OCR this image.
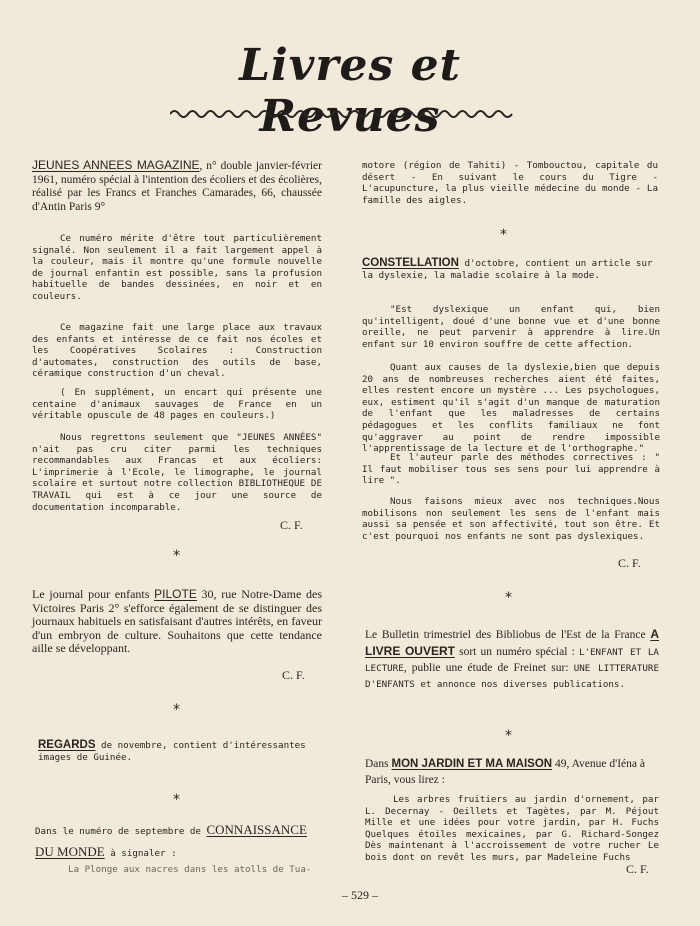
Livres et Revues
JEUNES ANNEES MAGAZINE, n° double janvier-février 1961, numéro spécial à l'intention des écoliers et des écolières, réalisé par les Francs et Franches Camarades, 66, chaussée d'Antin Paris 9°
Ce numéro mérite d'être tout particulièrement signalé. Non seulement il a fait largement appel à la couleur, mais il montre qu'une formule nouvelle de journal enfantin est possible, sans la profusion habituelle de bandes dessinées, en noir et en couleurs.
Ce magazine fait une large place aux travaux des enfants et intéresse de ce fait nos écoles et les Coopératives Scolaires : Construction d'automates, construction des outils de base, céramique construction d'un cheval.
( En supplément, un encart qui présente une centaine d'animaux sauvages de France en un véritable opuscule de 48 pages en couleurs.)
Nous regrettons seulement que "JEUNES ANNÉES" n'ait pas cru citer parmi les techniques recommandables aux Francas et aux écoliers: L'imprimerie à l'Ecole, le limographe, le journal scolaire et surtout notre collection BIBLIOTHEQUE DE TRAVAIL qui est à ce jour une source de documentation incomparable.
C. F.
*
Le journal pour enfants PILOTE 30, rue Notre-Dame des Victoires Paris 2° s'efforce également de se distinguer des journaux habituels en satisfaisant d'autres intérêts, en faveur d'un embryon de culture. Souhaitons que cette tendance aille se développant.
C. F.
*
REGARDS de novembre, contient d'intéressantes images de Guinée.
*
Dans le numéro de septembre de CONNAISSANCE DU MONDE à signaler :
La Plonge aux nacres dans les atolls de Tua-
motore (région de Tahiti) - Tombouctou, capitale du désert - En suivant le cours du Tigre - L'acupuncture, la plus vieille médecine du monde - La famille des aigles.
*
CONSTELLATION d'octobre, contient un article sur la dyslexie, la maladie scolaire à la mode.
"Est dyslexique un enfant qui, bien qu'intelligent, doué d'une bonne vue et d'une bonne oreille, ne peut parvenir à apprendre à lire.Un enfant sur 10 environ souffre de cette affection.
Quant aux causes de la dyslexie,bien que depuis 20 ans de nombreuses recherches aient été faites, elles restent encore un mystère ... Les psychologues, eux, estiment qu'il s'agit d'un manque de maturation de l'enfant que les maladresses de certains pédagogues et les conflits familiaux ne font qu'aggraver au point de rendre impossible l'apprentissage de la lecture et de l'orthographe."
Et l'auteur parle des méthodes correctives : " Il faut mobiliser tous ses sens pour lui apprendre à lire ".
Nous faisons mieux avec nos techniques.Nous mobilisons non seulement les sens de l'enfant mais aussi sa pensée et son affectivité, tout son être. Et c'est pourquoi nos enfants ne sont pas dyslexiques.
C. F.
*
Le Bulletin trimestriel des Bibliobus de l'Est de la France A LIVRE OUVERT sort un numéro spécial : L'ENFANT ET LA LECTURE, publie une étude de Freinet sur: UNE LITTERATURE D'ENFANTS et annonce nos diverses publications.
*
Dans MON JARDIN ET MA MAISON 49, Avenue d'Iéna à Paris, vous lirez :
Les arbres fruitiers au jardin d'ornement, par L. Decernay - Oeillets et Tagètes, par M. Péjout Mille et une idées pour votre jardin, par H. Fuchs Quelques étoiles mexicaines, par G. Richard-Songez Dès maintenant à l'accroissement de votre rucher Le bois dont on revêt les murs, par Madeleine Fuchs
C. F.
– 529 –
